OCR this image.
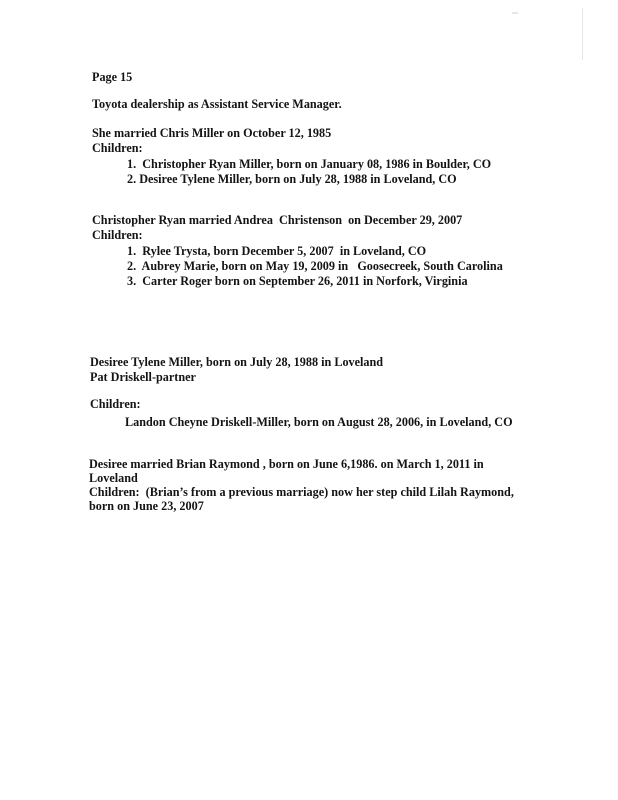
Page 15
Toyota dealership as Assistant Service Manager.
She married Chris Miller on October 12, 1985
Children:
1.  Christopher Ryan Miller, born on January 08, 1986 in Boulder, CO
2. Desiree Tylene Miller, born on July 28, 1988 in Loveland, CO
Christopher Ryan married Andrea  Christenson  on December 29, 2007
Children:
1.  Rylee Trysta, born December 5, 2007  in Loveland, CO
2.  Aubrey Marie, born on May 19, 2009 in   Goosecreek, South Carolina
3.  Carter Roger born on September 26, 2011 in Norfork, Virginia
Desiree Tylene Miller, born on July 28, 1988 in Loveland
Pat Driskell-partner
Children:
Landon Cheyne Driskell-Miller, born on August 28, 2006, in Loveland, CO
Desiree married Brian Raymond , born on June 6,1986. on March 1, 2011 in
Loveland
Children:  (Brian’s from a previous marriage) now her step child Lilah Raymond,
born on June 23, 2007
